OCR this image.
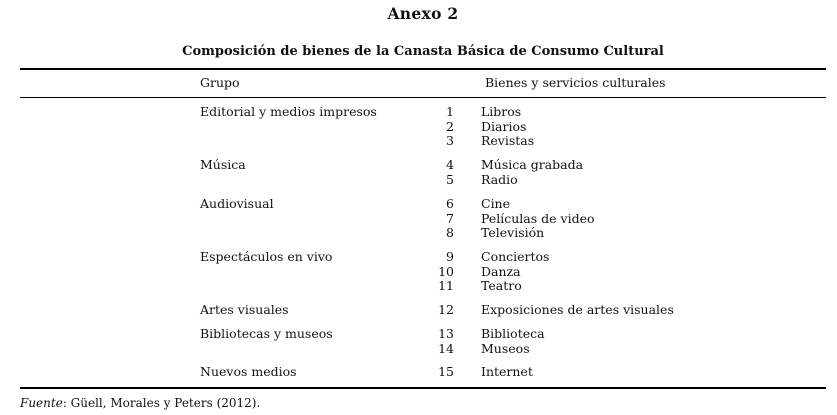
Anexo 2
Composición de bienes de la Canasta Básica de Consumo Cultural
Grupo	Bienes y servicios culturales
Editorial y medios impresos	1 Libros
2 Diarios
3 Revistas
Música	4 Música grabada
5 Radio
Audiovisual	6 Cine
7 Películas de video
8 Televisión
Espectáculos en vivo	9 Conciertos
10 Danza
11 Teatro
Artes visuales	12 Exposiciones de artes visuales
Bibliotecas y museos	13 Biblioteca
14 Museos
Nuevos medios	15 Internet
Fuente: Güell, Morales y Peters (2012).
